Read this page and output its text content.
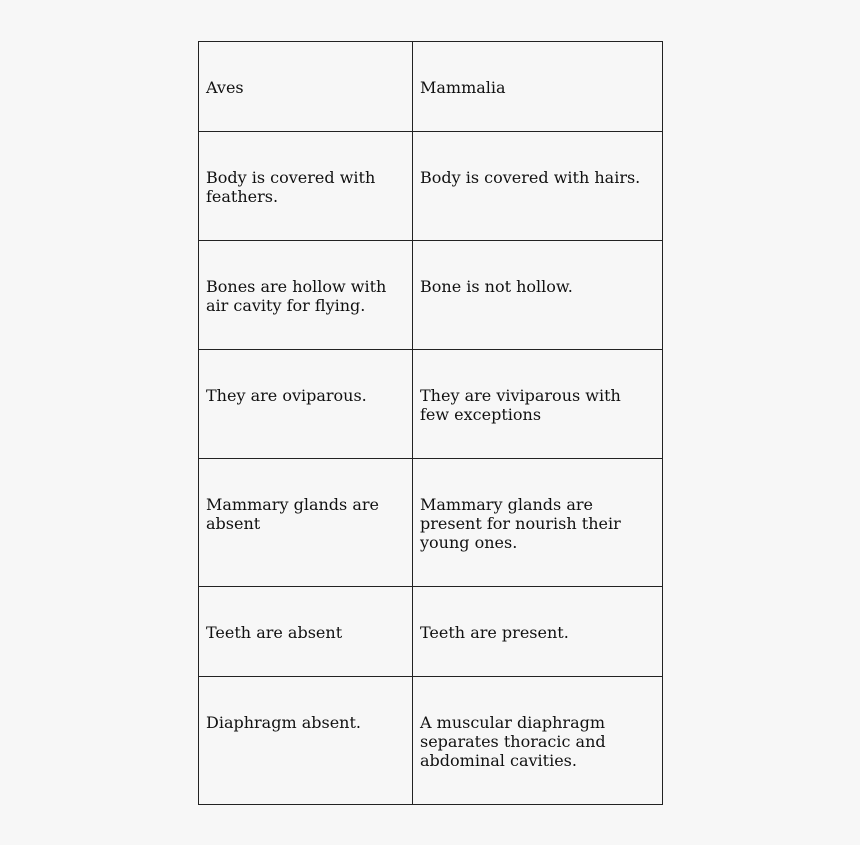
Aves	Mammalia
Body is covered with feathers.	Body is covered with hairs.
Bones are hollow with air cavity for flying.	Bone is not hollow.
They are oviparous.	They are viviparous with few exceptions
Mammary glands are absent	Mammary glands are present for nourish their young ones.
Teeth are absent	Teeth are present.
Diaphragm absent.	A muscular diaphragm separates thoracic and abdominal cavities.
